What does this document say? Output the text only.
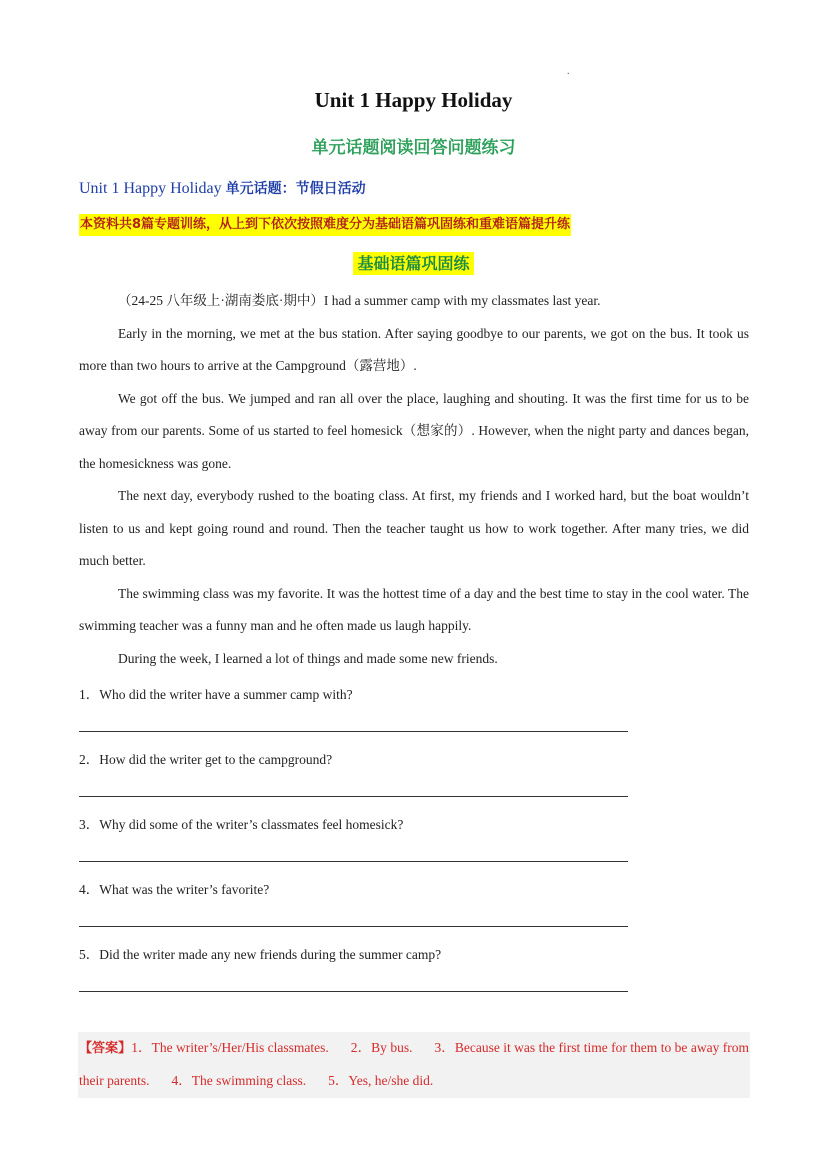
.
Unit 1 Happy Holiday
单元话题阅读回答问题练习
Unit 1 Happy Holiday 单元话题：节假日活动
本资料共8篇专题训练，从上到下依次按照难度分为基础语篇巩固练和重难语篇提升练
基础语篇巩固练

（24-25 八年级上·湖南娄底·期中）I had a summer camp with my classmates last year.

Early in the morning, we met at the bus station. After saying goodbye to our parents, we got on the bus. It took us more than two hours to arrive at the Campground（露营地）.

We got off the bus. We jumped and ran all over the place, laughing and shouting. It was the first time for us to be away from our parents. Some of us started to feel homesick（想家的）. However, when the night party and dances began, the homesickness was gone.

The next day, everybody rushed to the boating class. At first, my friends and I worked hard, but the boat wouldn’t listen to us and kept going round and round. Then the teacher taught us how to work together. After many tries, we did much better.

The swimming class was my favorite. It was the hottest time of a day and the best time to stay in the cool water. The swimming teacher was a funny man and he often made us laugh happily.

During the week, I learned a lot of things and made some new friends.

1．Who did the writer have a summer camp with?
2．How did the writer get to the campground?
3．Why did some of the writer’s classmates feel homesick?
4．What was the writer’s favorite?
5．Did the writer made any new friends during the summer camp?
【答案】1．The writer’s/Her/His classmates. 2．By bus. 3．Because it was the first time for them to be away from their parents. 4．The swimming class. 5．Yes, he/she did.
